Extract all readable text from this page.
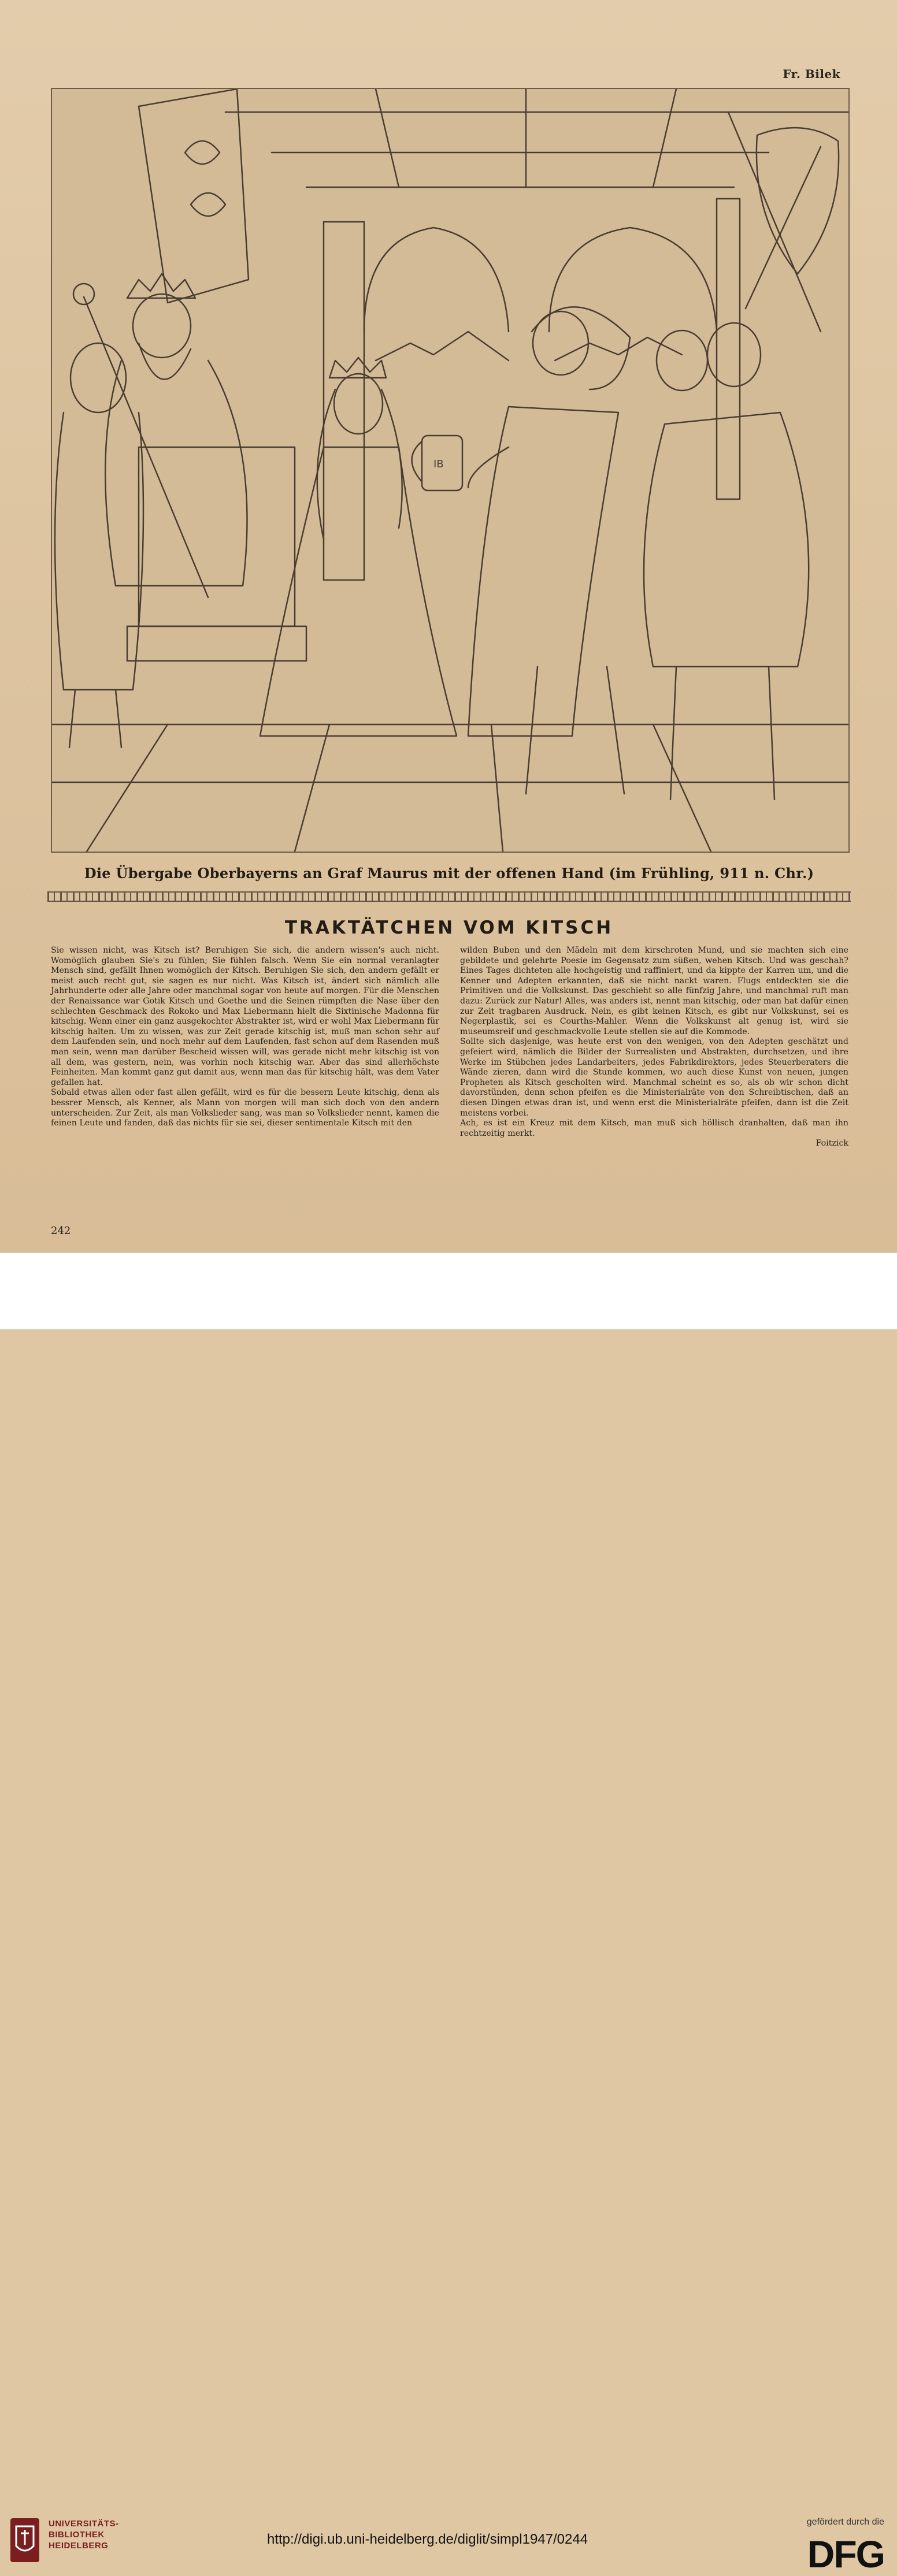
Fr. Bilek
IB
Die Übergabe Oberbayerns an Graf Maurus mit der offenen Hand (im Frühling, 911 n. Chr.)
TRAKTÄTCHEN VOM KITSCH

Sie wissen nicht, was Kitsch ist? Beruhigen Sie sich, die andern wissen's auch nicht. Womöglich glauben Sie's zu fühlen; Sie fühlen falsch. Wenn Sie ein normal veranlagter Mensch sind, gefällt Ihnen womöglich der Kitsch. Beruhigen Sie sich, den andern gefällt er meist auch recht gut, sie sagen es nur nicht. Was Kitsch ist, ändert sich nämlich alle Jahrhunderte oder alle Jahre oder manchmal sogar von heute auf morgen. Für die Menschen der Renaissance war Gotik Kitsch und Goethe und die Seinen rümpften die Nase über den schlechten Geschmack des Rokoko und Max Liebermann hielt die Sixtinische Madonna für kitschig. Wenn einer ein ganz ausgekochter Abstrakter ist, wird er wohl Max Liebermann für kitschig halten. Um zu wissen, was zur Zeit gerade kitschig ist, muß man schon sehr auf dem Laufenden sein, und noch mehr auf dem Laufenden, fast schon auf dem Rasenden muß man sein, wenn man darüber Bescheid wissen will, was gerade nicht mehr kitschig ist von all dem, was gestern, nein, was vorhin noch kitschig war. Aber das sind allerhöchste Feinheiten. Man kommt ganz gut damit aus, wenn man das für kitschig hält, was dem Vater gefallen hat.

Sobald etwas allen oder fast allen gefällt, wird es für die bessern Leute kitschig, denn als bessrer Mensch, als Kenner, als Mann von morgen will man sich doch von den andern unterscheiden. Zur Zeit, als man Volkslieder sang, was man so Volkslieder nennt, kamen die feinen Leute und fanden, daß das nichts für sie sei, dieser sentimentale Kitsch mit den

wilden Buben und den Mädeln mit dem kirschroten Mund, und sie machten sich eine gebildete und gelehrte Poesie im Gegensatz zum süßen, wehen Kitsch. Und was geschah? Eines Tages dichteten alle hochgeistig und raffiniert, und da kippte der Karren um, und die Kenner und Adepten erkannten, daß sie nicht nackt waren. Flugs entdeckten sie die Primitiven und die Volkskunst. Das geschieht so alle fünfzig Jahre, und manchmal ruft man dazu: Zurück zur Natur! Alles, was anders ist, nennt man kitschig, oder man hat dafür einen zur Zeit tragbaren Ausdruck. Nein, es gibt keinen Kitsch, es gibt nur Volkskunst, sei es Negerplastik, sei es Courths-Mahler. Wenn die Volkskunst alt genug ist, wird sie museumsreif und geschmackvolle Leute stellen sie auf die Kommode.

Sollte sich dasjenige, was heute erst von den wenigen, von den Adepten geschätzt und gefeiert wird, nämlich die Bilder der Surrealisten und Abstrakten, durchsetzen, und ihre Werke im Stübchen jedes Landarbeiters, jedes Fabrikdirektors, jedes Steuerberaters die Wände zieren, dann wird die Stunde kommen, wo auch diese Kunst von neuen, jungen Propheten als Kitsch gescholten wird. Manchmal scheint es so, als ob wir schon dicht davorstünden, denn schon pfeifen es die Ministerialräte von den Schreibtischen, daß an diesen Dingen etwas dran ist, und wenn erst die Ministerialräte pfeifen, dann ist die Zeit meistens vorbei.

Ach, es ist ein Kreuz mit dem Kitsch, man muß sich höllisch dranhalten, daß man ihn rechtzeitig merkt.

Foitzick

242
UNIVERSITÄTS-
BIBLIOTHEK
HEIDELBERG	http://digi.ub.uni-heidelberg.de/diglit/simpl1947/0244
gefördert durch die
DFG
